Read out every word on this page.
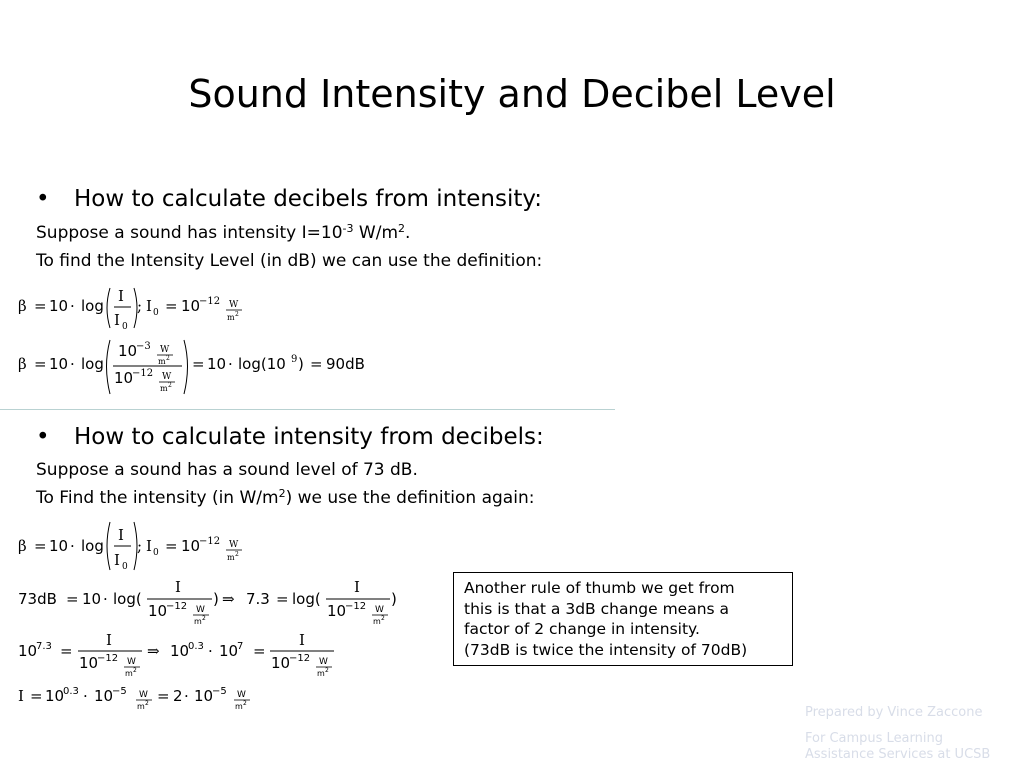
Sound Intensity and Decibel Level
• How to calculate decibels from intensity:
Suppose a sound has intensity $I=10^{-3}$ $W/m^2$.
To find the Intensity Level (in dB) we can use the definition:
β = 10 · log
I
I 0
; I 0 = 10
−12 W
m 2
β = 10 · log
10
−3 W
m 2
10
−12 W
m 2
= 10 · log(10 9 ) = 90dB
• How to calculate intensity from decibels:
Suppose a sound has a sound level of 73 dB.
To Find the intensity (in $W/m^2$) we use the definition again:
β = 10 · log
I
I 0
; I 0 = 10
−12 W
m 2
73dB = 10 · log(
I
10
−12 W
m 2
) ⇒ 7.3 = log(
I
10
−12 W
m 2
)
10
7.3 =
I
10
−12 W
m 2
⇒ 10
0.3 · 10
7 =
I
10
−12 W
m 2
I = 10
0.3 · 10
−5 W
m 2 = 2 · 10
−5 W
m 2
Another rule of thumb we get from
this is that a 3dB change means a
factor of 2 change in intensity.
(73dB is twice the intensity of 70dB)
Prepared by Vince Zaccone
For Campus Learning
Assistance Services at UCSB
